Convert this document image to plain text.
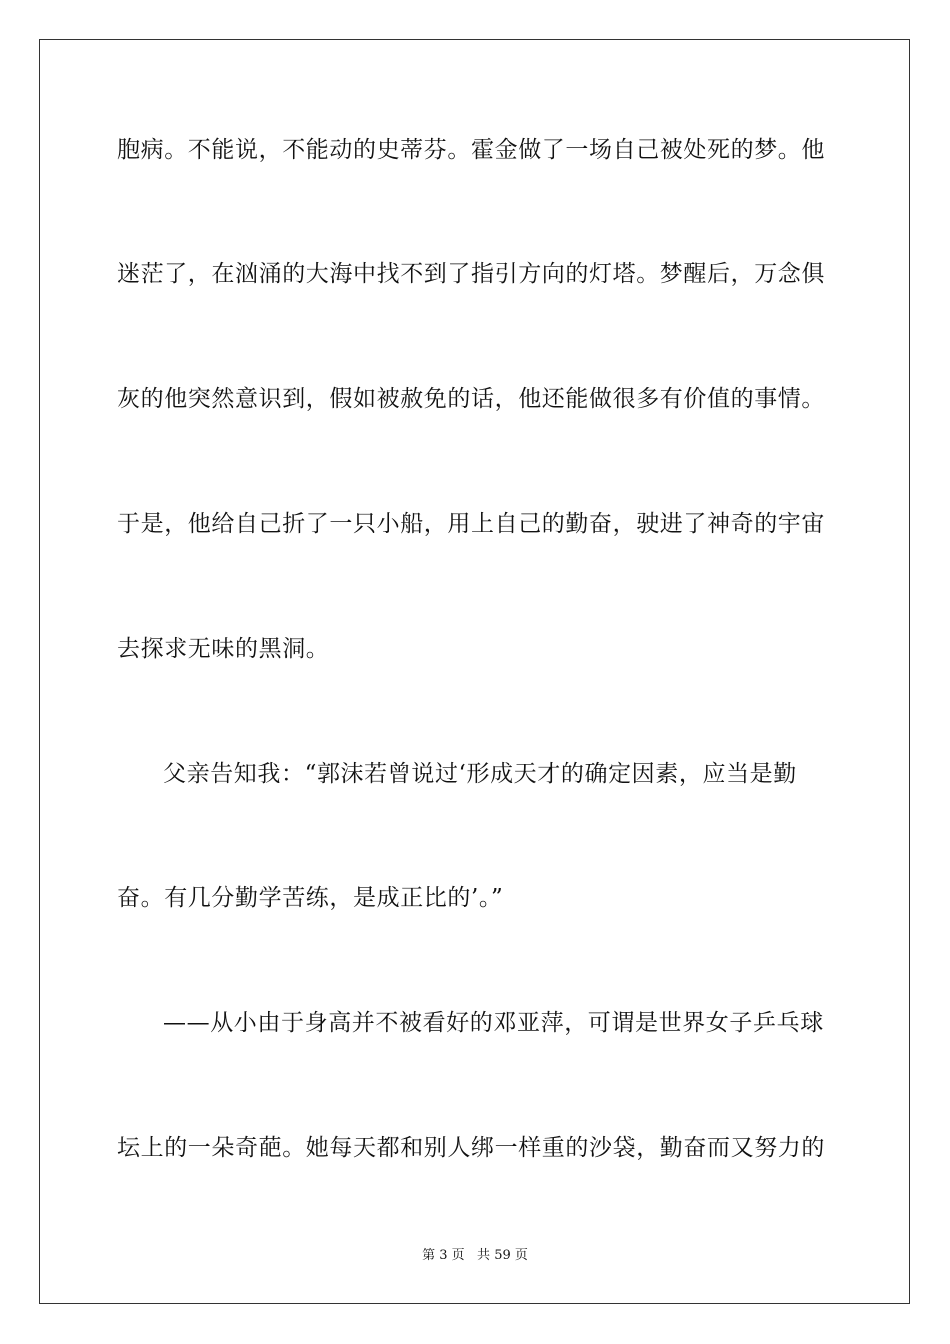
胞病。不能说，不能动的史蒂芬。霍金做了一场自己被处死的梦。他
迷茫了，在汹涌的大海中找不到了指引方向的灯塔。梦醒后，万念俱
灰的他突然意识到，假如被赦免的话，他还能做很多有价值的事情。
于是，他给自己折了一只小船，用上自己的勤奋，驶进了神奇的宇宙
去探求无味的黑洞。
父亲告知我：“郭沫若曾说过‘形成天才的确定因素，应当是勤
奋。有几分勤学苦练，是成正比的’。”
——从小由于身高并不被看好的邓亚萍，可谓是世界女子乒乓球
坛上的一朵奇葩。她每天都和别人绑一样重的沙袋，勤奋而又努力的
第 3 页   共 59 页
